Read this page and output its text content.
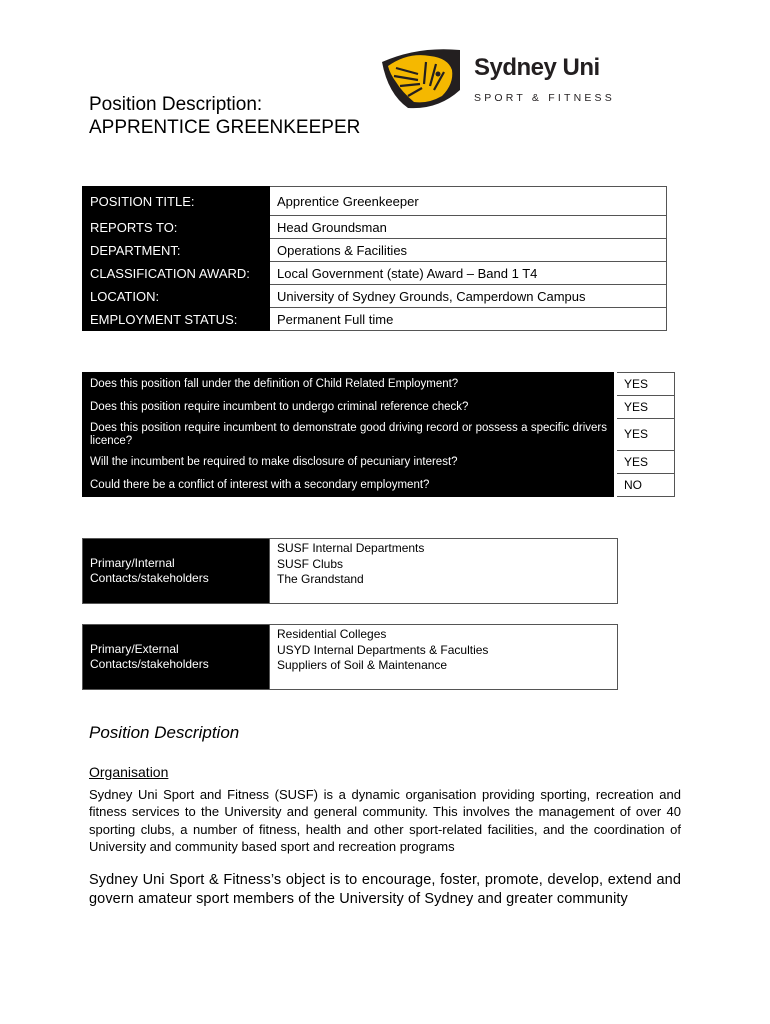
Sydney Uni
SPORT & FITNESS
Position Description:
APPRENTICE GREENKEEPER
POSITION TITLE:	Apprentice Greenkeeper
REPORTS TO:	Head Groundsman
DEPARTMENT:	Operations & Facilities
CLASSIFICATION AWARD:	Local Government (state) Award – Band 1 T4
LOCATION:	University of Sydney Grounds, Camperdown Campus
EMPLOYMENT STATUS:	Permanent Full time
Does this position fall under the definition of Child Related Employment?	YES
Does this position require incumbent to undergo criminal reference check?	YES
Does this position require incumbent to demonstrate good driving record or possess a specific drivers licence?	YES
Will the incumbent be required to make disclosure of pecuniary interest?	YES
Could there be a conflict of interest with a secondary employment?	NO
Primary/Internal
Contacts/stakeholders

SUSF Internal Departments
SUSF Clubs
The Grandstand
Primary/External
Contacts/stakeholders

Residential Colleges
USYD Internal Departments & Faculties
Suppliers of Soil & Maintenance
Position Description
Organisation
Sydney Uni Sport and Fitness (SUSF) is a dynamic organisation providing sporting, recreation and fitness services to the University and general community. This involves the management of over 40 sporting clubs, a number of fitness, health and other sport-related facilities, and the coordination of University and community based sport and recreation programs
Sydney Uni Sport & Fitness’s object is to encourage, foster, promote, develop, extend and govern amateur sport members of the University of Sydney and greater community
